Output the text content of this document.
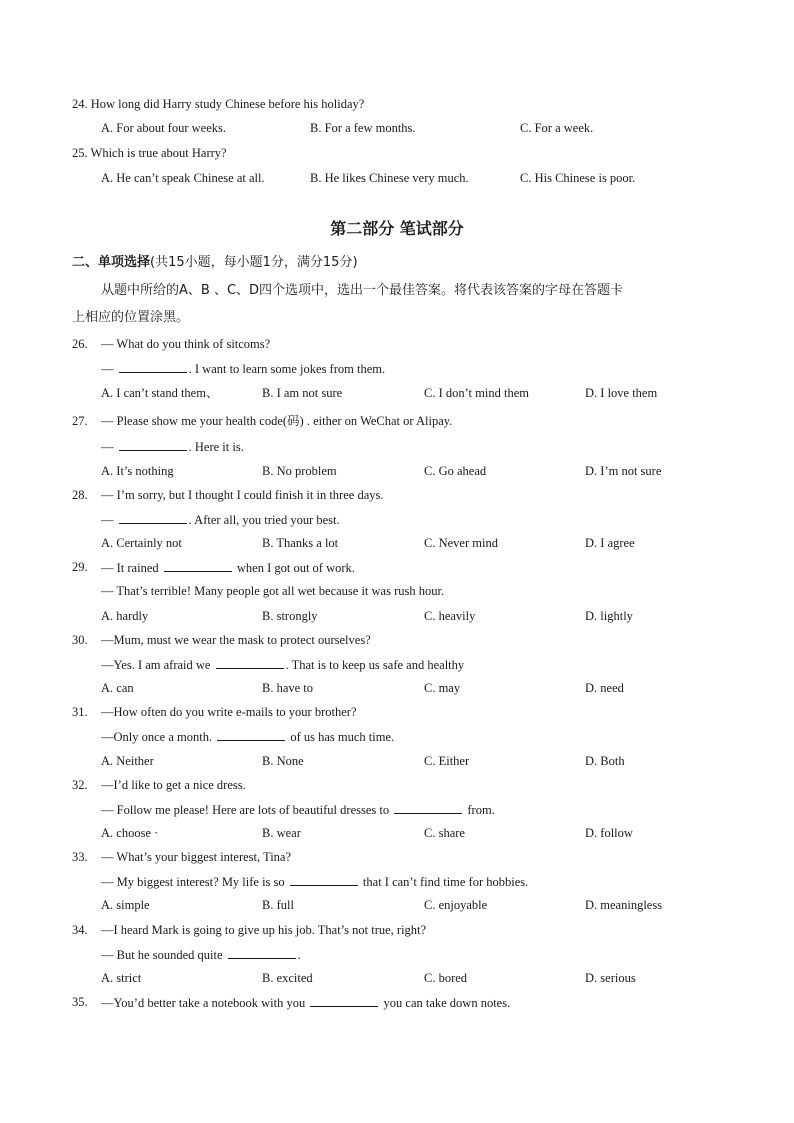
24. How long did Harry study Chinese before his holiday?
A. For about four weeks.	B. For a few months.	C. For a week.
25. Which is true about Harry?
A. He can’t speak Chinese at all.	B. He likes Chinese very much.	C. His Chinese is poor.
第二部分 笔试部分
二、单项选择(共15小题，每小题1分，满分15分)
从题中所给的A、B 、C、D四个选项中，选出一个最佳答案。将代表该答案的字母在答题卡
上相应的位置涂黑。
26. — What do you think of sitcoms?
—	. I want to learn some jokes from them.
A. I can’t stand them、	B. I am not sure	C. I don’t mind them	D. I love them
27. — Please show me your health code(码) . either on WeChat or Alipay.
—	. Here it is.
A. It’s nothing	B. No problem	C. Go ahead	D. I’m not sure
28. — I’m sorry, but I thought I could finish it in three days.
—	. After all, you tried your best.
A. Certainly not	B. Thanks a lot	C. Never mind	D. I agree
29. — It rained	when I got out of work.
— That’s terrible! Many people got all wet because it was rush hour.
A. hardly	B. strongly	C. heavily	D. lightly
30. —Mum, must we wear the mask to protect ourselves?
—Yes. I am afraid we	. That is to keep us safe and healthy
A. can	B. have to	C. may	D. need
31. —How often do you write e-mails to your brother?
—Only once a month.	of us has much time.
A. Neither	B. None	C. Either	D. Both
32. —I’d like to get a nice dress.
— Follow me please! Here are lots of beautiful dresses to	from.
A. choose ·	B. wear	C. share	D. follow
33. — What’s your biggest interest, Tina?
— My biggest interest? My life is so	that I can’t find time for hobbies.
A. simple	B. full	C. enjoyable	D. meaningless
34. —I heard Mark is going to give up his job. That’s not true, right?
— But he sounded quite	.
A. strict	B. excited	C. bored	D. serious
35. —You’d better take a notebook with you	you can take down notes.
